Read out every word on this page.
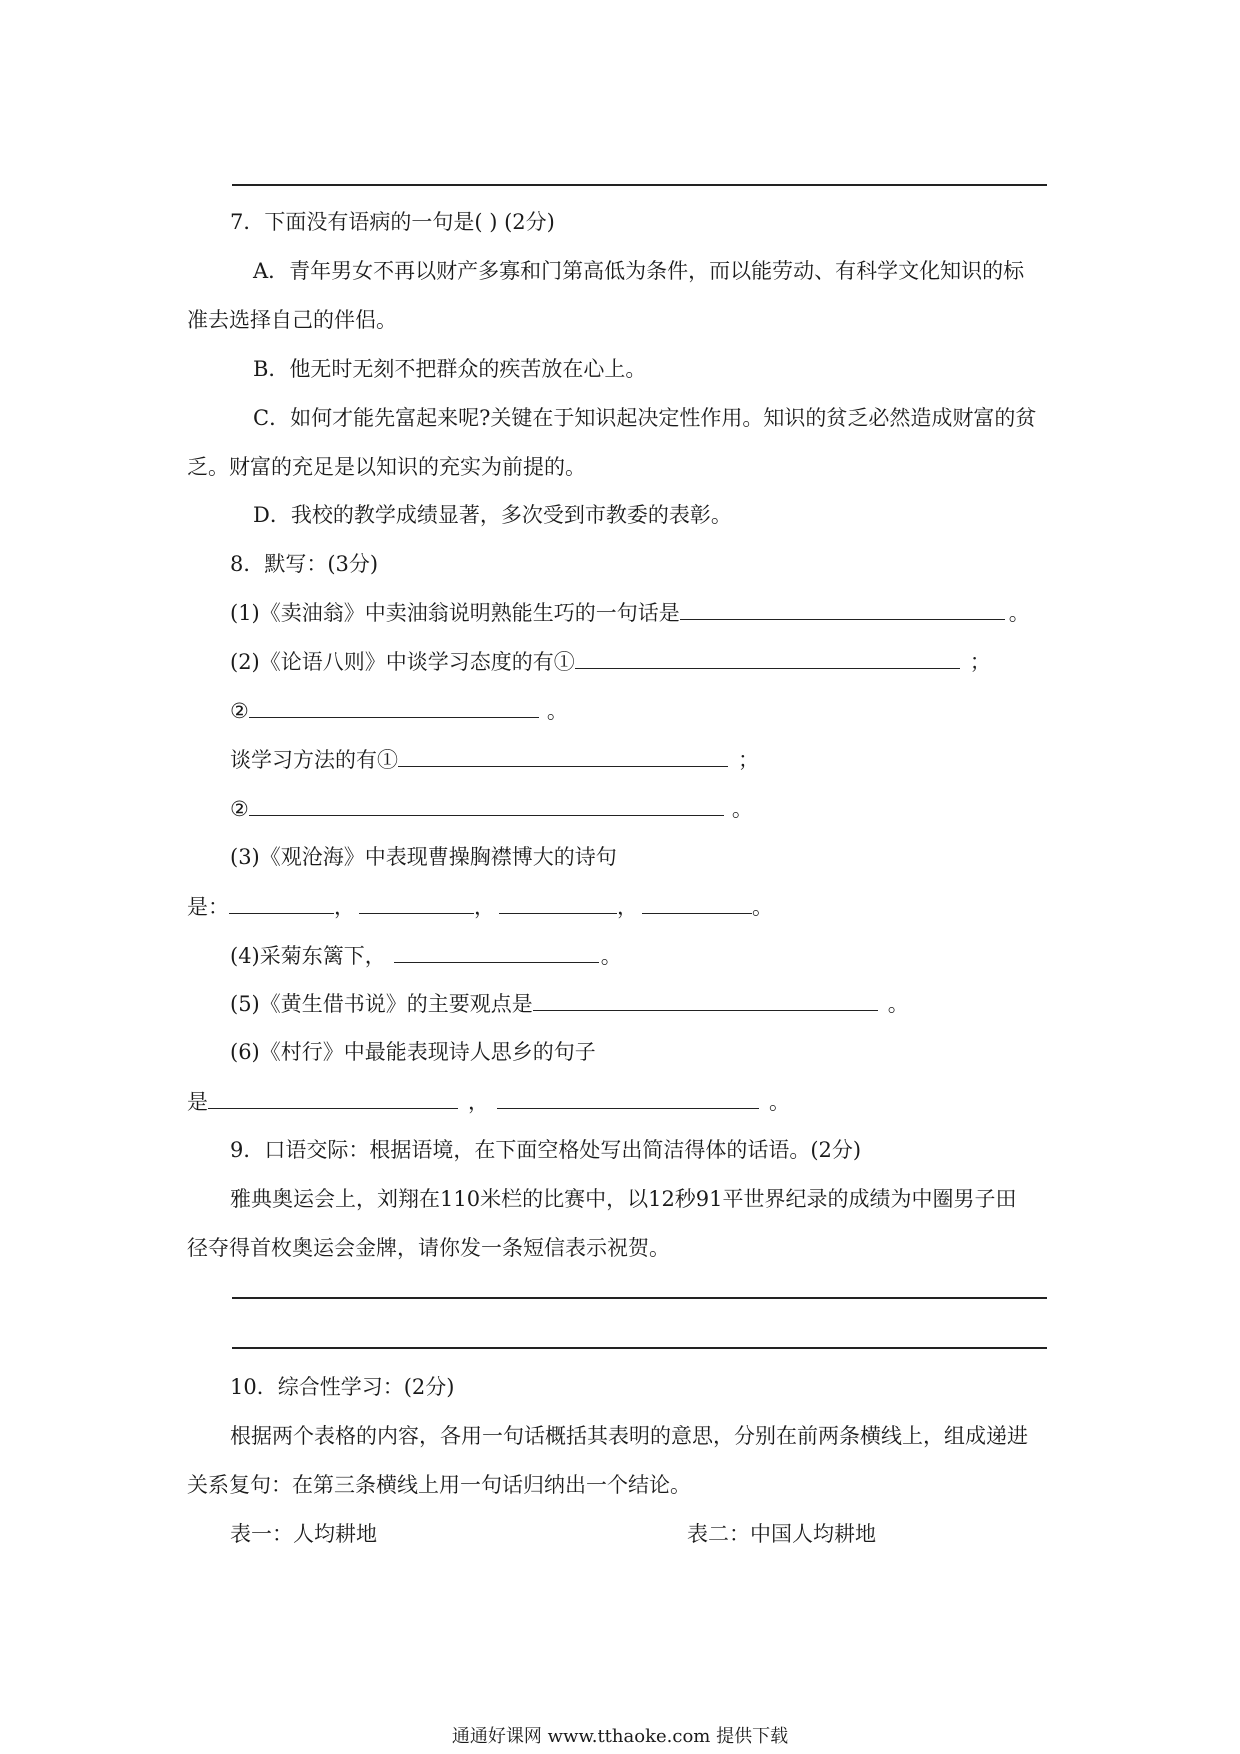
7．下面没有语病的一句是( ) (2分)
A．青年男女不再以财产多寡和门第高低为条件，而以能劳动、有科学文化知识的标
准去选择自己的伴侣。
B．他无时无刻不把群众的疾苦放在心上。
C．如何才能先富起来呢?关键在于知识起决定性作用。知识的贫乏必然造成财富的贫
乏。财富的充足是以知识的充实为前提的。
D．我校的教学成绩显著，多次受到市教委的表彰。
8．默写：(3分)
(1)《卖油翁》中卖油翁说明熟能生巧的一句话是	。
(2)《论语八则》中谈学习态度的有①	；
②	。
谈学习方法的有①	；
②	。
(3)《观沧海》中表现曹操胸襟博大的诗句
是：	，	，	，	。
(4)采菊东篱下，	。
(5)《黄生借书说》的主要观点是	。
(6)《村行》中最能表现诗人思乡的句子
是	，	。
9．口语交际：根据语境，在下面空格处写出简洁得体的话语。(2分)
雅典奥运会上，刘翔在110米栏的比赛中，以12秒91平世界纪录的成绩为中圈男子田
径夺得首枚奥运会金牌，请你发一条短信表示祝贺。
10．综合性学习：(2分)
根据两个表格的内容，各用一句话概括其表明的意思，分别在前两条横线上，组成递进
关系复句：在第三条横线上用一句话归纳出一个结论。
表一：人均耕地	表二：中国人均耕地
通通好课网 www.tthaoke.com 提供下载
